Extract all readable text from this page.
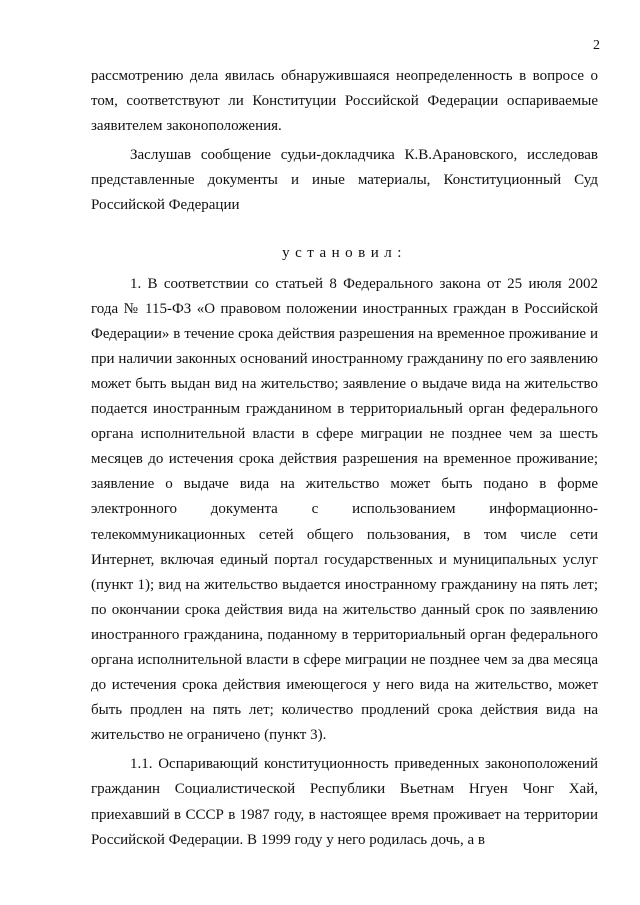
2

рассмотрению дела явилась обнаружившаяся неопределенность в вопросе о том, соответствуют ли Конституции Российской Федерации оспариваемые заявителем законоположения.

Заслушав сообщение судьи-докладчика К.В.Арановского, исследовав представленные документы и иные материалы, Конституционный Суд Российской Федерации

установил:

1. В соответствии со статьей 8 Федерального закона от 25 июля 2002 года № 115-ФЗ «О правовом положении иностранных граждан в Российской Федерации» в течение срока действия разрешения на временное проживание и при наличии законных оснований иностранному гражданину по его заявлению может быть выдан вид на жительство; заявление о выдаче вида на жительство подается иностранным гражданином в территориальный орган федерального органа исполнительной власти в сфере миграции не позднее чем за шесть месяцев до истечения срока действия разрешения на временное проживание; заявление о выдаче вида на жительство может быть подано в форме электронного документа с использованием информационно-телекоммуникационных сетей общего пользования, в том числе сети Интернет, включая единый портал государственных и муниципальных услуг (пункт 1); вид на жительство выдается иностранному гражданину на пять лет; по окончании срока действия вида на жительство данный срок по заявлению иностранного гражданина, поданному в территориальный орган федерального органа исполнительной власти в сфере миграции не позднее чем за два месяца до истечения срока действия имеющегося у него вида на жительство, может быть продлен на пять лет; количество продлений срока действия вида на жительство не ограничено (пункт 3).

1.1. Оспаривающий конституционность приведенных законоположений гражданин Социалистической Республики Вьетнам Нгуен Чонг Хай, приехавший в СССР в 1987 году, в настоящее время проживает на территории Российской Федерации. В 1999 году у него родилась дочь, а в
